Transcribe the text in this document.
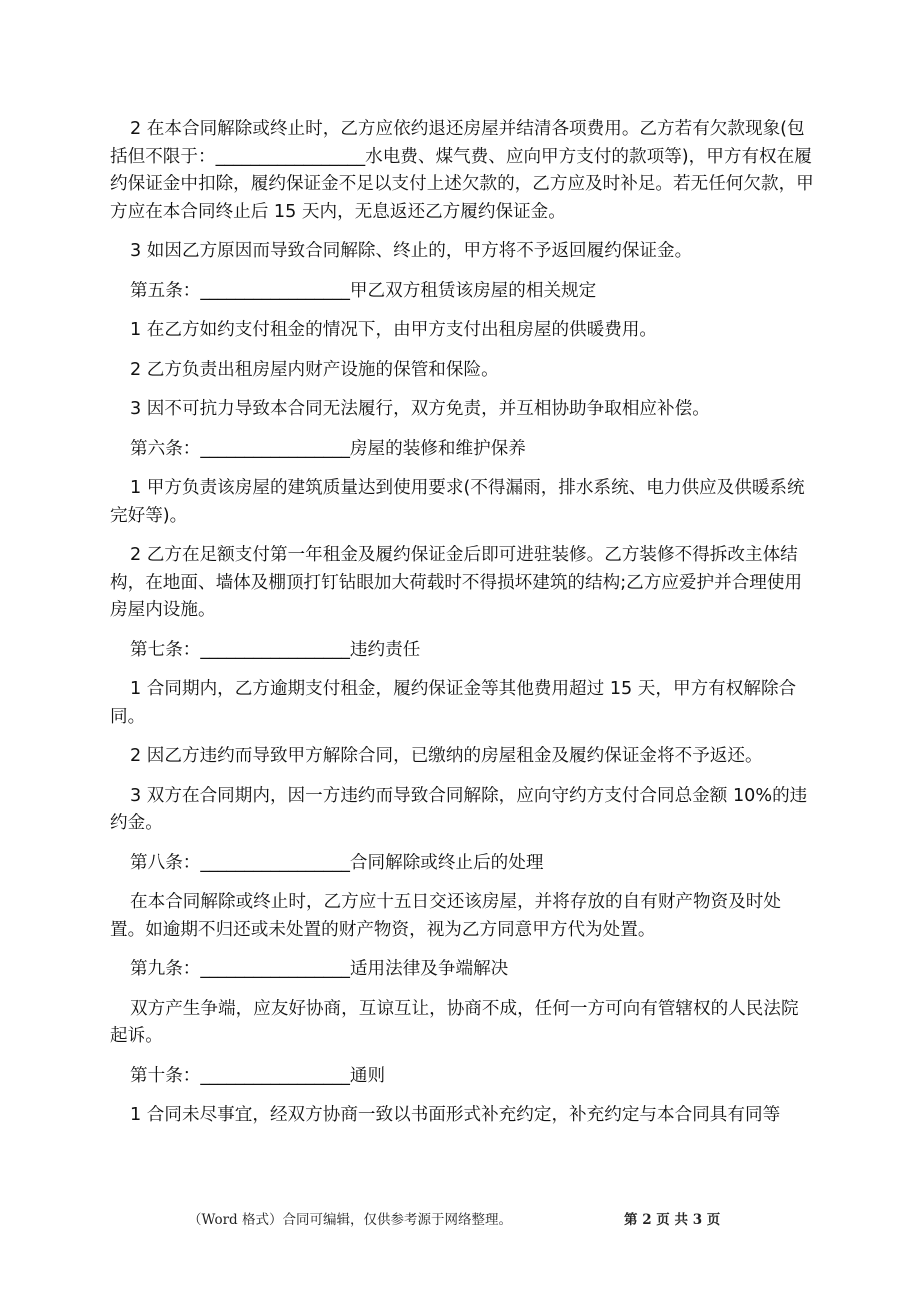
2 在本合同解除或终止时，乙方应依约退还房屋并结清各项费用。乙方若有欠款现象(包括但不限于：_________________水电费、煤气费、应向甲方支付的款项等)，甲方有权在履约保证金中扣除，履约保证金不足以支付上述欠款的，乙方应及时补足。若无任何欠款，甲方应在本合同终止后 15 天内，无息返还乙方履约保证金。

3 如因乙方原因而导致合同解除、终止的，甲方将不予返回履约保证金。

第五条：_________________甲乙双方租赁该房屋的相关规定

1 在乙方如约支付租金的情况下，由甲方支付出租房屋的供暖费用。

2 乙方负责出租房屋内财产设施的保管和保险。

3 因不可抗力导致本合同无法履行，双方免责，并互相协助争取相应补偿。

第六条：_________________房屋的装修和维护保养

1 甲方负责该房屋的建筑质量达到使用要求(不得漏雨，排水系统、电力供应及供暖系统完好等)。

2 乙方在足额支付第一年租金及履约保证金后即可进驻装修。乙方装修不得拆改主体结构，在地面、墙体及棚顶打钉钻眼加大荷载时不得损坏建筑的结构;乙方应爱护并合理使用房屋内设施。

第七条：_________________违约责任

1 合同期内，乙方逾期支付租金，履约保证金等其他费用超过 15 天，甲方有权解除合同。

2 因乙方违约而导致甲方解除合同，已缴纳的房屋租金及履约保证金将不予返还。

3 双方在合同期内，因一方违约而导致合同解除，应向守约方支付合同总金额 10%的违约金。

第八条：_________________合同解除或终止后的处理

在本合同解除或终止时，乙方应十五日交还该房屋，并将存放的自有财产物资及时处置。如逾期不归还或未处置的财产物资，视为乙方同意甲方代为处置。

第九条：_________________适用法律及争端解决

双方产生争端，应友好协商，互谅互让，协商不成，任何一方可向有管辖权的人民法院起诉。

第十条：_________________通则

1 合同未尽事宜，经双方协商一致以书面形式补充约定，补充约定与本合同具有同等

（Word 格式）合同可编辑，仅供参考源于网络整理。	第 2 页 共 3 页
